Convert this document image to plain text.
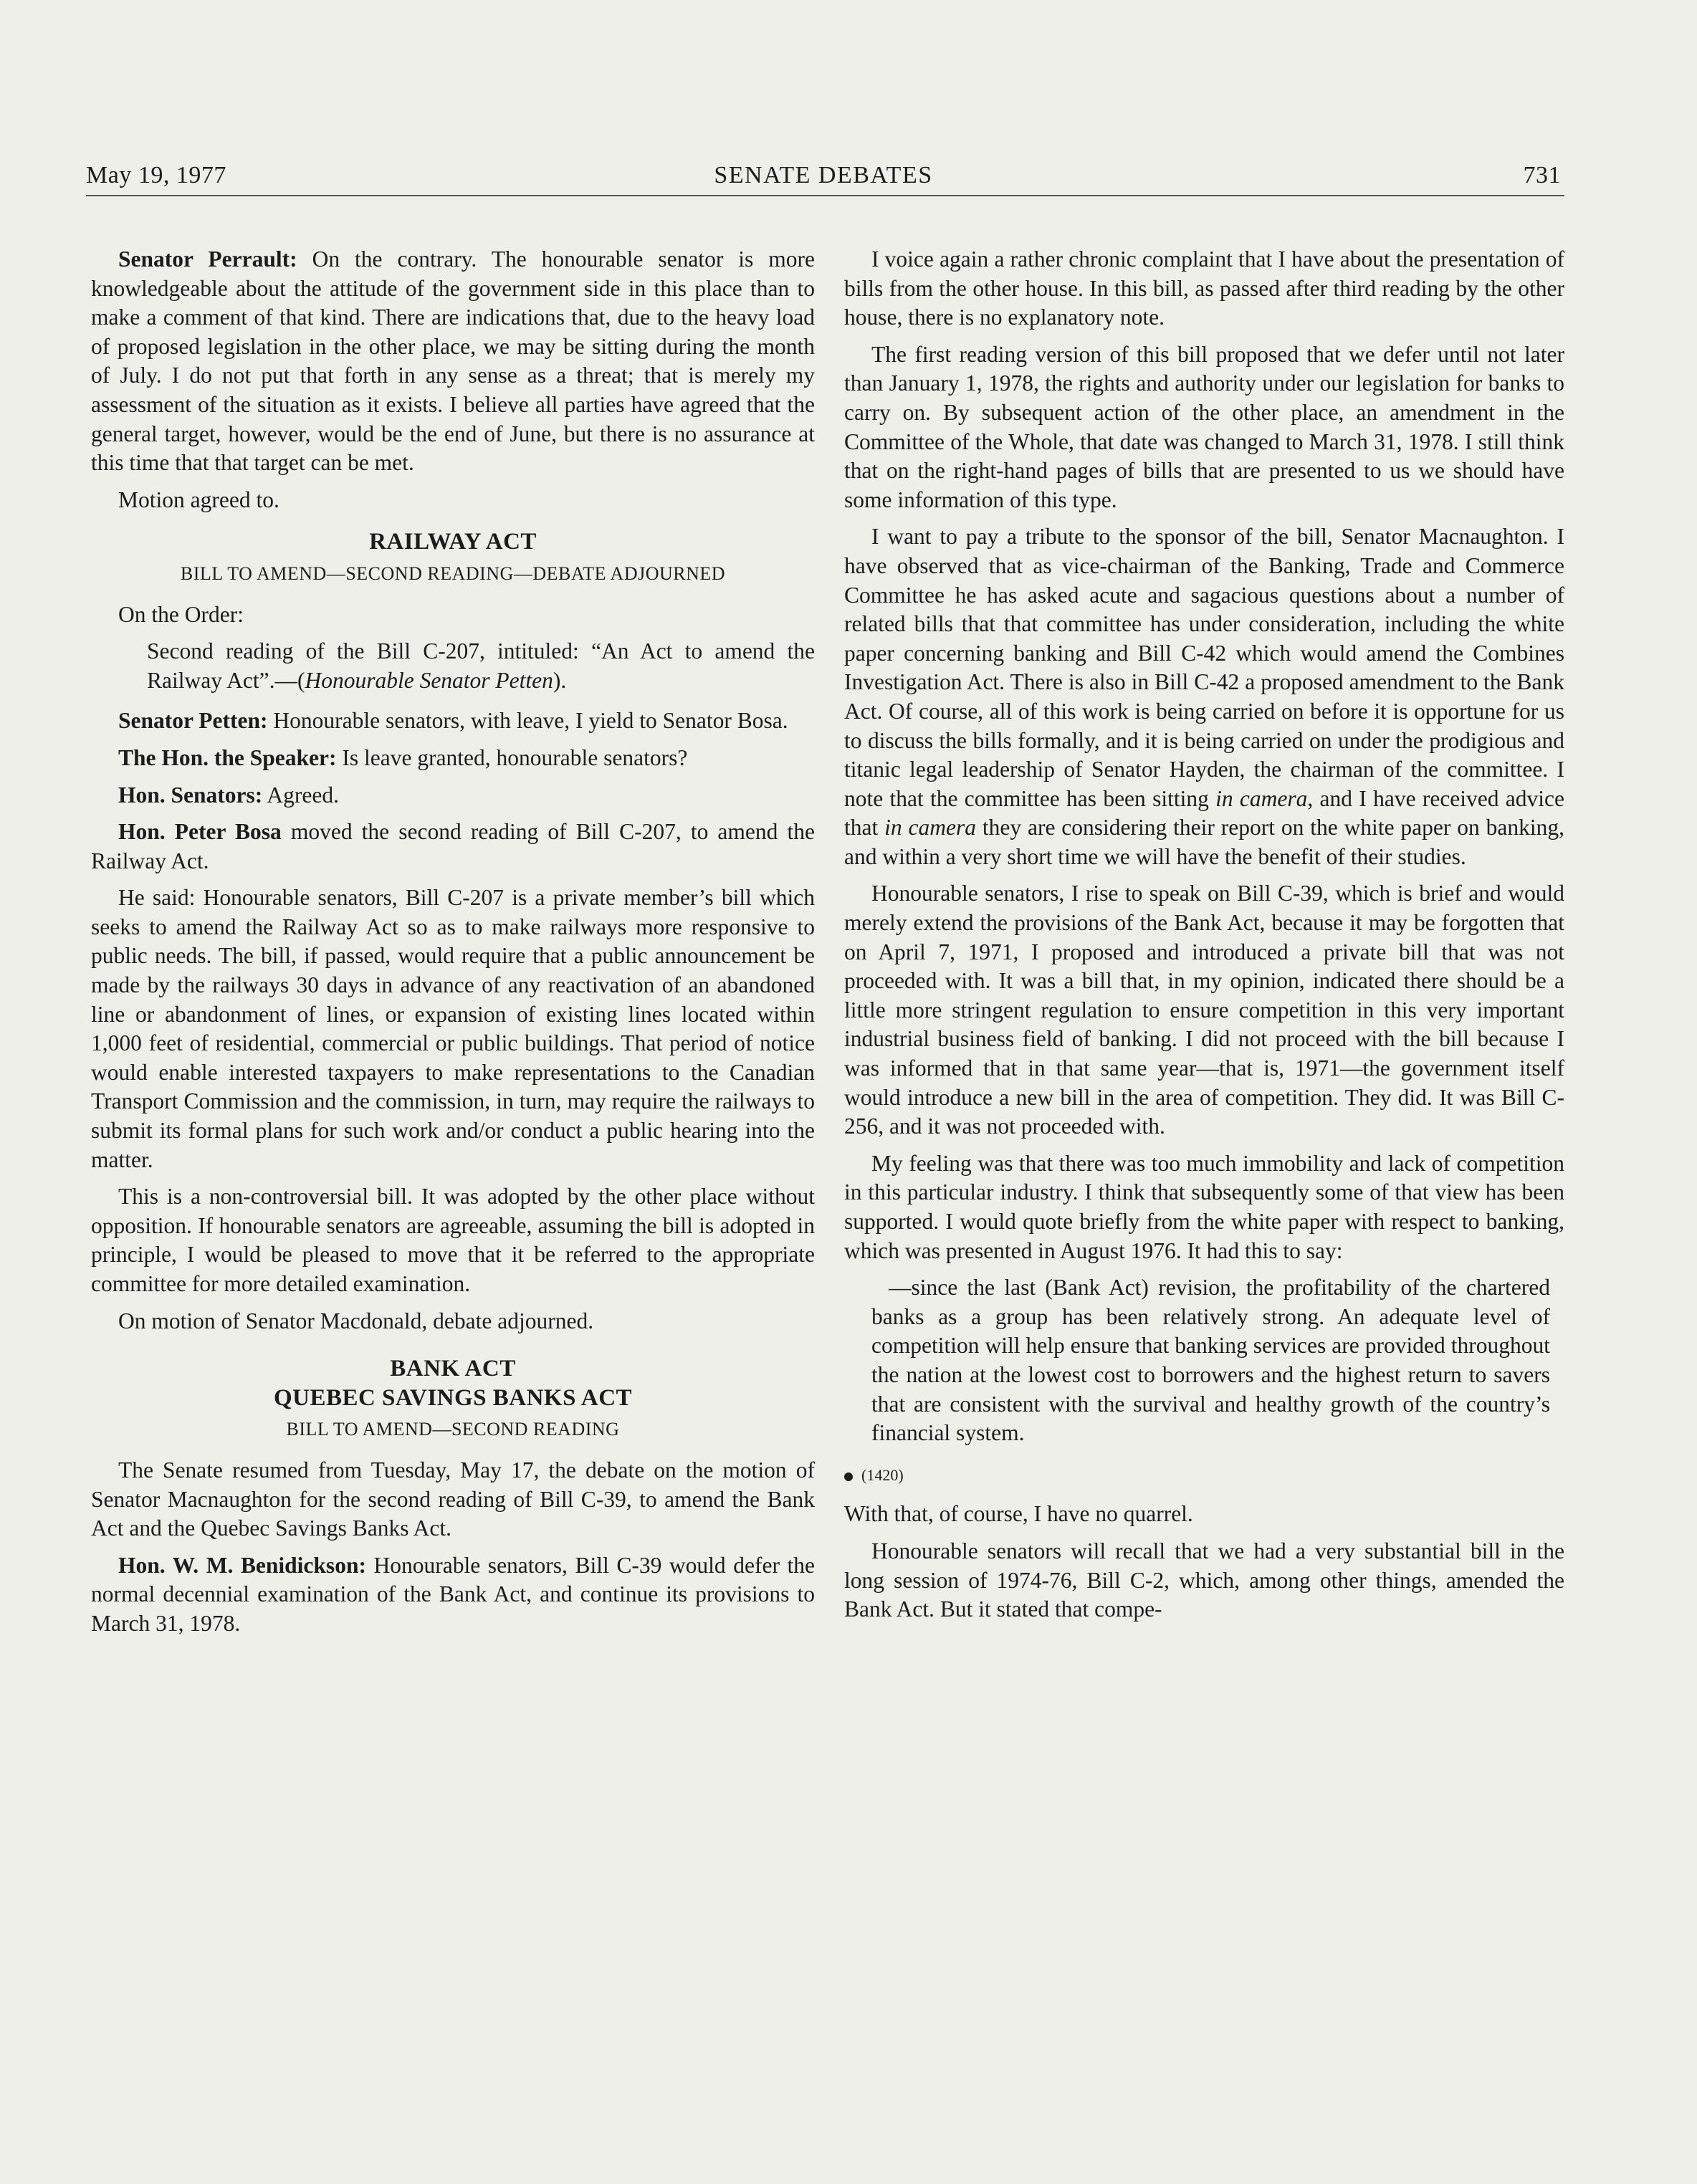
May 19, 1977	SENATE DEBATES	731

Senator Perrault: On the contrary. The honourable senator is more knowledgeable about the attitude of the government side in this place than to make a comment of that kind. There are indications that, due to the heavy load of proposed legislation in the other place, we may be sitting during the month of July. I do not put that forth in any sense as a threat; that is merely my assessment of the situation as it exists. I believe all parties have agreed that the general target, however, would be the end of June, but there is no assurance at this time that that target can be met.

Motion agreed to.

RAILWAY ACT
BILL TO AMEND—SECOND READING—DEBATE ADJOURNED

On the Order:

Second reading of the Bill C-207, intituled: “An Act to amend the Railway Act”.—(Honourable Senator Petten).

Senator Petten: Honourable senators, with leave, I yield to Senator Bosa.

The Hon. the Speaker: Is leave granted, honourable senators?

Hon. Senators: Agreed.

Hon. Peter Bosa moved the second reading of Bill C-207, to amend the Railway Act.

He said: Honourable senators, Bill C-207 is a private member’s bill which seeks to amend the Railway Act so as to make railways more responsive to public needs. The bill, if passed, would require that a public announcement be made by the railways 30 days in advance of any reactivation of an abandoned line or abandonment of lines, or expansion of existing lines located within 1,000 feet of residential, commercial or public buildings. That period of notice would enable interested taxpayers to make representations to the Canadian Transport Commission and the commission, in turn, may require the railways to submit its formal plans for such work and/or conduct a public hearing into the matter.

This is a non-controversial bill. It was adopted by the other place without opposition. If honourable senators are agreeable, assuming the bill is adopted in principle, I would be pleased to move that it be referred to the appropriate committee for more detailed examination.

On motion of Senator Macdonald, debate adjourned.

BANK ACT
QUEBEC SAVINGS BANKS ACT
BILL TO AMEND—SECOND READING

The Senate resumed from Tuesday, May 17, the debate on the motion of Senator Macnaughton for the second reading of Bill C-39, to amend the Bank Act and the Quebec Savings Banks Act.

Hon. W. M. Benidickson: Honourable senators, Bill C-39 would defer the normal decennial examination of the Bank Act, and continue its provisions to March 31, 1978.

I voice again a rather chronic complaint that I have about the presentation of bills from the other house. In this bill, as passed after third reading by the other house, there is no explanatory note.

The first reading version of this bill proposed that we defer until not later than January 1, 1978, the rights and authority under our legislation for banks to carry on. By subsequent action of the other place, an amendment in the Committee of the Whole, that date was changed to March 31, 1978. I still think that on the right-hand pages of bills that are presented to us we should have some information of this type.

I want to pay a tribute to the sponsor of the bill, Senator Macnaughton. I have observed that as vice-chairman of the Banking, Trade and Commerce Committee he has asked acute and sagacious questions about a number of related bills that that committee has under consideration, including the white paper concerning banking and Bill C-42 which would amend the Combines Investigation Act. There is also in Bill C-42 a proposed amendment to the Bank Act. Of course, all of this work is being carried on before it is opportune for us to discuss the bills formally, and it is being carried on under the prodigious and titanic legal leadership of Senator Hayden, the chairman of the committee. I note that the committee has been sitting in camera, and I have received advice that in camera they are considering their report on the white paper on banking, and within a very short time we will have the benefit of their studies.

Honourable senators, I rise to speak on Bill C-39, which is brief and would merely extend the provisions of the Bank Act, because it may be forgotten that on April 7, 1971, I proposed and introduced a private bill that was not proceeded with. It was a bill that, in my opinion, indicated there should be a little more stringent regulation to ensure competition in this very important industrial business field of banking. I did not proceed with the bill because I was informed that in that same year—that is, 1971—the government itself would introduce a new bill in the area of competition. They did. It was Bill C-256, and it was not proceeded with.

My feeling was that there was too much immobility and lack of competition in this particular industry. I think that subsequently some of that view has been supported. I would quote briefly from the white paper with respect to banking, which was presented in August 1976. It had this to say:

—since the last (Bank Act) revision, the profitability of the chartered banks as a group has been relatively strong. An adequate level of competition will help ensure that banking services are provided throughout the nation at the lowest cost to borrowers and the highest return to savers that are consistent with the survival and healthy growth of the country’s financial system.

(1420)

With that, of course, I have no quarrel.

Honourable senators will recall that we had a very substantial bill in the long session of 1974-76, Bill C-2, which, among other things, amended the Bank Act. But it stated that compe-
